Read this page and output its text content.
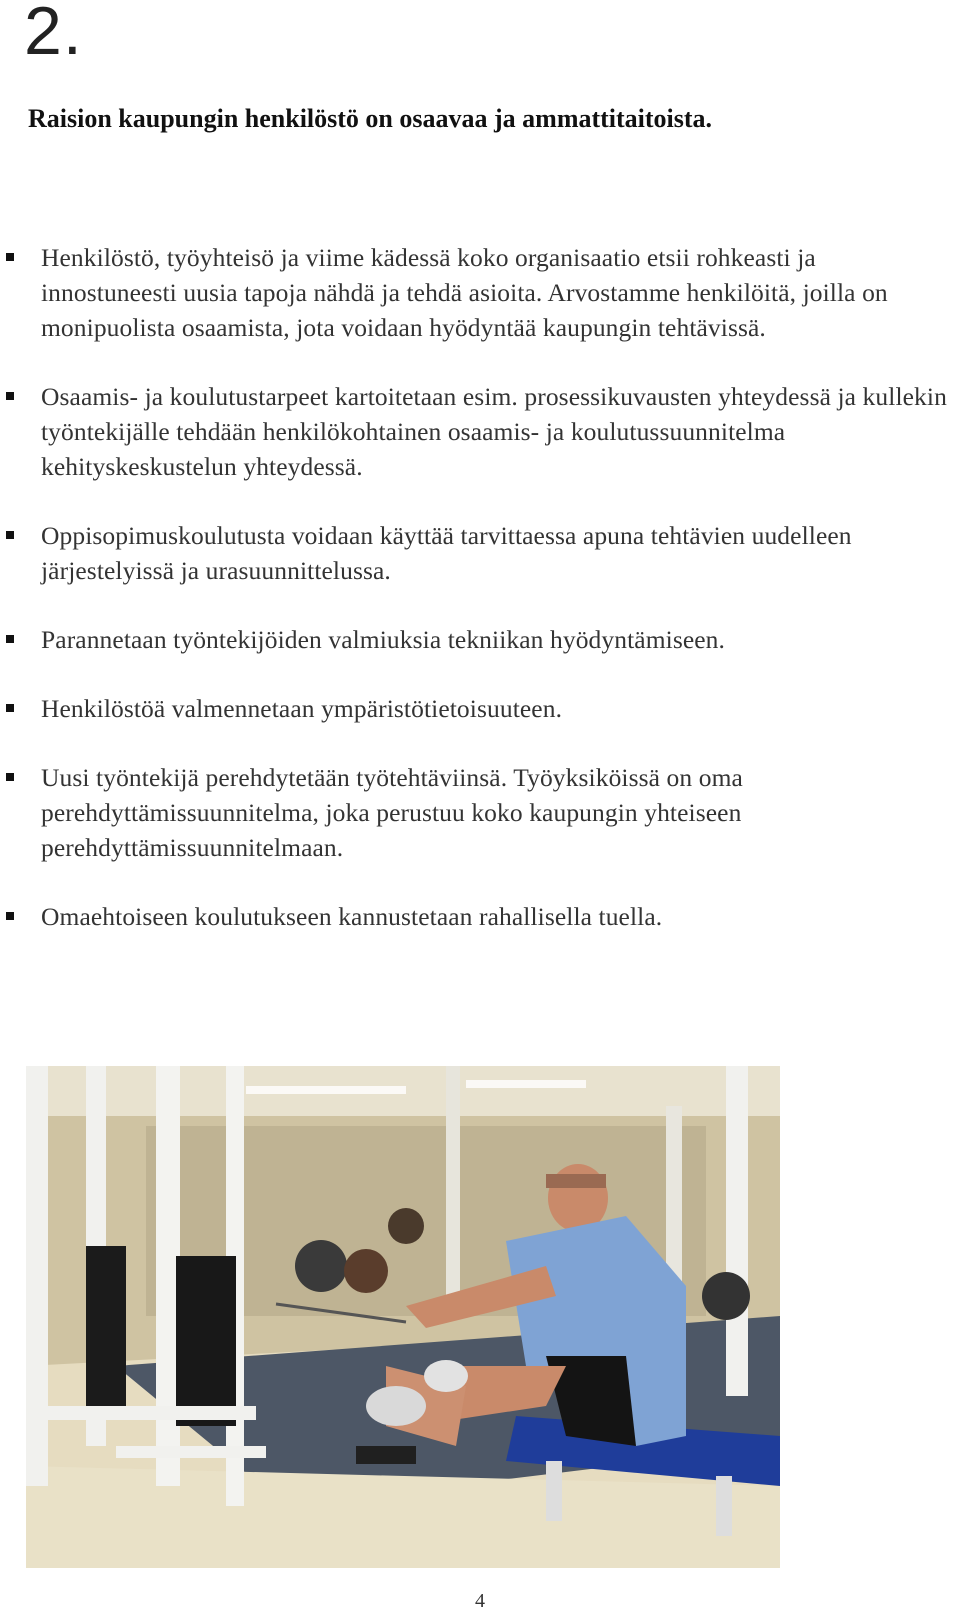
2.
Raision kaupungin henkilöstö on osaavaa ja ammattitaitoista.
Henkilöstö, työyhteisö ja viime kädessä koko organisaatio etsii rohkeasti ja innostuneesti uusia tapoja nähdä ja tehdä asioita. Arvostamme henkilöitä, joilla on monipuolista osaamista, jota voidaan hyödyntää kaupungin tehtävissä.
Osaamis- ja koulutustarpeet kartoitetaan esim. prosessikuvausten yhteydessä ja kullekin työntekijälle tehdään henkilökohtainen osaamis- ja koulutussuunnitelma kehityskeskustelun yhteydessä.
Oppisopimuskoulutusta voidaan käyttää tarvittaessa apuna tehtävien uudelleen järjestelyissä ja urasuunnittelussa.
Parannetaan työntekijöiden valmiuksia tekniikan hyödyntämiseen.
Henkilöstöä valmennetaan ympäristötietoisuuteen.
Uusi työntekijä perehdytetään työtehtäviinsä. Työyksiköissä on oma perehdyttämissuunnitelma, joka perustuu koko kaupungin yhteiseen perehdyttämissuunnitelmaan.
Omaehtoiseen koulutukseen kannustetaan rahallisella tuella.
4
